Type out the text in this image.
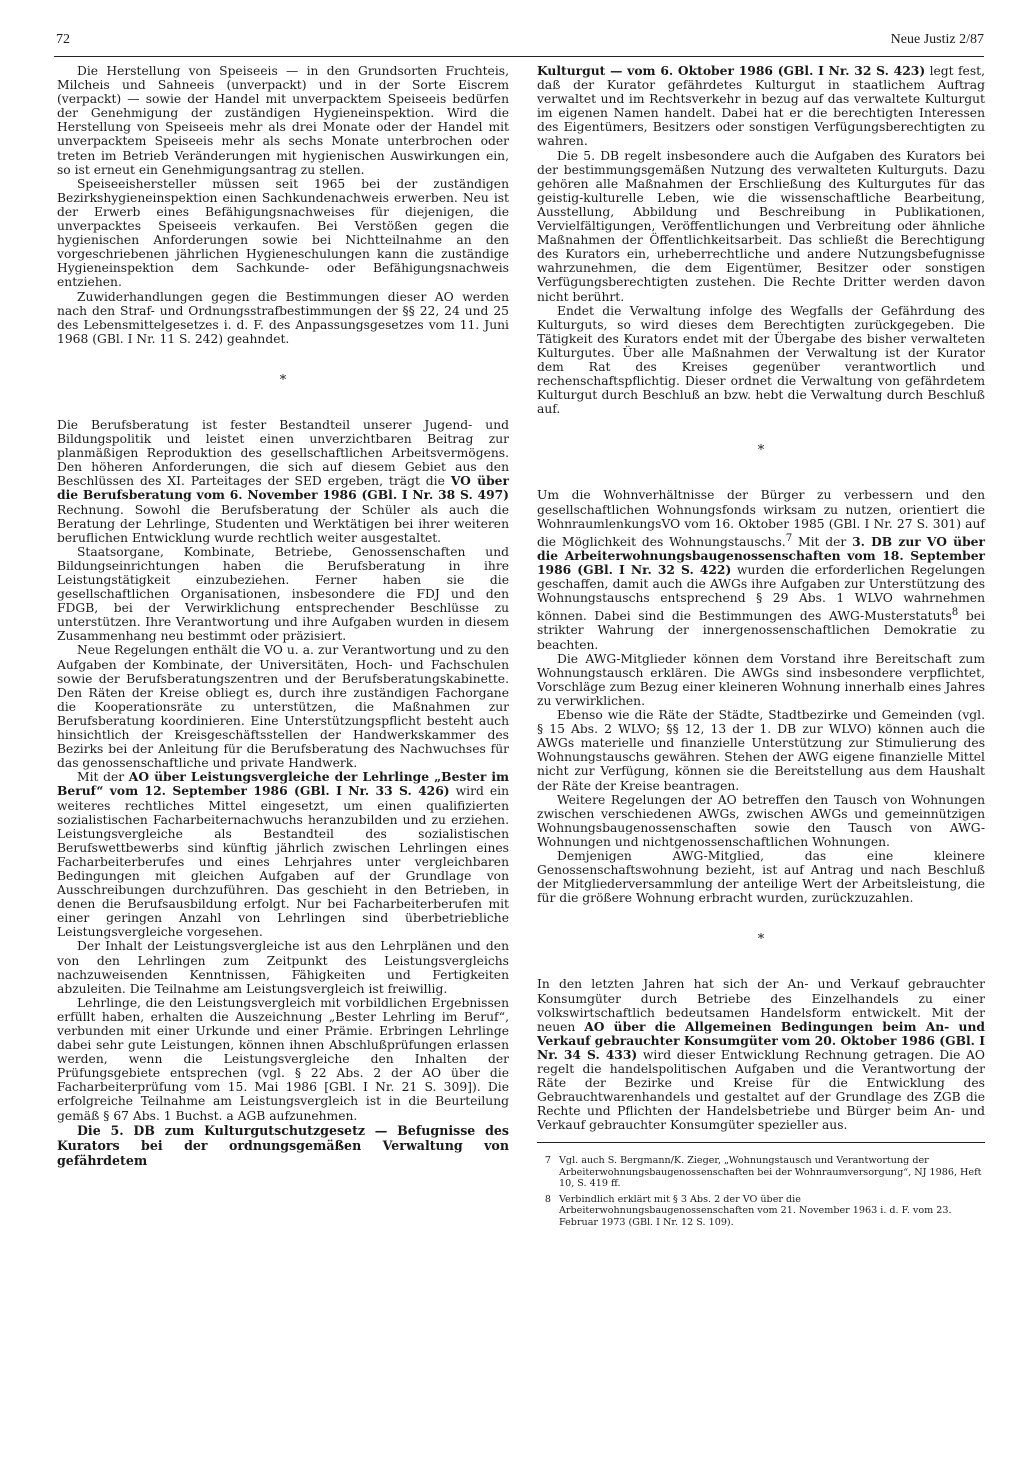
72	Neue Justiz 2/87

Die Herstellung von Speiseeis — in den Grundsorten Fruchteis, Milcheis und Sahneeis (unverpackt) und in der Sorte Eiscrem (verpackt) — sowie der Handel mit unverpacktem Speiseeis bedürfen der Genehmigung der zuständigen Hygieneinspektion. Wird die Herstellung von Speiseeis mehr als drei Monate oder der Handel mit unverpacktem Speiseeis mehr als sechs Monate unterbrochen oder treten im Betrieb Veränderungen mit hygienischen Auswirkungen ein, so ist erneut ein Genehmigungsantrag zu stellen.

Speiseeishersteller müssen seit 1965 bei der zuständigen Bezirkshygieneinspektion einen Sachkundenachweis erwerben. Neu ist der Erwerb eines Befähigungsnachweises für diejenigen, die unverpacktes Speiseeis verkaufen. Bei Verstößen gegen die hygienischen Anforderungen sowie bei Nichtteilnahme an den vorgeschriebenen jährlichen Hygieneschulungen kann die zuständige Hygieneinspektion dem Sachkunde- oder Befähigungsnachweis entziehen.

Zuwiderhandlungen gegen die Bestimmungen dieser AO werden nach den Straf- und Ordnungsstrafbestimmungen der §§ 22, 24 und 25 des Lebensmittelgesetzes i. d. F. des Anpassungsgesetzes vom 11. Juni 1968 (GBl. I Nr. 11 S. 242) geahndet.

*

Die Berufsberatung ist fester Bestandteil unserer Jugend- und Bildungspolitik und leistet einen unverzichtbaren Beitrag zur planmäßigen Reproduktion des gesellschaftlichen Arbeitsvermögens. Den höheren Anforderungen, die sich auf diesem Gebiet aus den Beschlüssen des XI. Parteitages der SED ergeben, trägt die VO über die Berufsberatung vom 6. November 1986 (GBl. I Nr. 38 S. 497) Rechnung. Sowohl die Berufsberatung der Schüler als auch die Beratung der Lehrlinge, Studenten und Werktätigen bei ihrer weiteren beruflichen Entwicklung wurde rechtlich weiter ausgestaltet.

Staatsorgane, Kombinate, Betriebe, Genossenschaften und Bildungseinrichtungen haben die Berufsberatung in ihre Leistungstätigkeit einzubeziehen. Ferner haben sie die gesellschaftlichen Organisationen, insbesondere die FDJ und den FDGB, bei der Verwirklichung entsprechender Beschlüsse zu unterstützen. Ihre Verantwortung und ihre Aufgaben wurden in diesem Zusammenhang neu bestimmt oder präzisiert.

Neue Regelungen enthält die VO u. a. zur Verantwortung und zu den Aufgaben der Kombinate, der Universitäten, Hoch- und Fachschulen sowie der Berufsberatungszentren und der Berufsberatungskabinette. Den Räten der Kreise obliegt es, durch ihre zuständigen Fachorgane die Kooperationsräte zu unterstützen, die Maßnahmen zur Berufsberatung koordinieren. Eine Unterstützungspflicht besteht auch hinsichtlich der Kreisgeschäftsstellen der Handwerkskammer des Bezirks bei der Anleitung für die Berufsberatung des Nachwuchses für das genossenschaftliche und private Handwerk.

Mit der AO über Leistungsvergleiche der Lehrlinge „Bester im Beruf“ vom 12. September 1986 (GBl. I Nr. 33 S. 426) wird ein weiteres rechtliches Mittel eingesetzt, um einen qualifizierten sozialistischen Facharbeiternachwuchs heranzubilden und zu erziehen. Leistungsvergleiche als Bestandteil des sozialistischen Berufswettbewerbs sind künftig jährlich zwischen Lehrlingen eines Facharbeiterberufes und eines Lehrjahres unter vergleichbaren Bedingungen mit gleichen Aufgaben auf der Grundlage von Ausschreibungen durchzuführen. Das geschieht in den Betrieben, in denen die Berufsausbildung erfolgt. Nur bei Facharbeiterberufen mit einer geringen Anzahl von Lehrlingen sind überbetriebliche Leistungsvergleiche vorgesehen.

Der Inhalt der Leistungsvergleiche ist aus den Lehrplänen und den von den Lehrlingen zum Zeitpunkt des Leistungsvergleichs nachzuweisenden Kenntnissen, Fähigkeiten und Fertigkeiten abzuleiten. Die Teilnahme am Leistungsvergleich ist freiwillig.

Lehrlinge, die den Leistungsvergleich mit vorbildlichen Ergebnissen erfüllt haben, erhalten die Auszeichnung „Bester Lehrling im Beruf“, verbunden mit einer Urkunde und einer Prämie. Erbringen Lehrlinge dabei sehr gute Leistungen, können ihnen Abschlußprüfungen erlassen werden, wenn die Leistungsvergleiche den Inhalten der Prüfungsgebiete entsprechen (vgl. § 22 Abs. 2 der AO über die Facharbeiterprüfung vom 15. Mai 1986 [GBl. I Nr. 21 S. 309]). Die erfolgreiche Teilnahme am Leistungsvergleich ist in die Beurteilung gemäß § 67 Abs. 1 Buchst. a AGB aufzunehmen.

Die 5. DB zum Kulturgutschutzgesetz — Befugnisse des Kurators bei der ordnungsgemäßen Verwaltung von gefährdetem

Kulturgut — vom 6. Oktober 1986 (GBl. I Nr. 32 S. 423) legt fest, daß der Kurator gefährdetes Kulturgut in staatlichem Auftrag verwaltet und im Rechtsverkehr in bezug auf das verwaltete Kulturgut im eigenen Namen handelt. Dabei hat er die berechtigten Interessen des Eigentümers, Besitzers oder sonstigen Verfügungsberechtigten zu wahren.

Die 5. DB regelt insbesondere auch die Aufgaben des Kurators bei der bestimmungsgemäßen Nutzung des verwalteten Kulturguts. Dazu gehören alle Maßnahmen der Erschließung des Kulturgutes für das geistig-kulturelle Leben, wie die wissenschaftliche Bearbeitung, Ausstellung, Abbildung und Beschreibung in Publikationen, Vervielfältigungen, Veröffentlichungen und Verbreitung oder ähnliche Maßnahmen der Öffentlichkeitsarbeit. Das schließt die Berechtigung des Kurators ein, urheberrechtliche und andere Nutzungsbefugnisse wahrzunehmen, die dem Eigentümer, Besitzer oder sonstigen Verfügungsberechtigten zustehen. Die Rechte Dritter werden davon nicht berührt.

Endet die Verwaltung infolge des Wegfalls der Gefährdung des Kulturguts, so wird dieses dem Berechtigten zurückgegeben. Die Tätigkeit des Kurators endet mit der Übergabe des bisher verwalteten Kulturgutes. Über alle Maßnahmen der Verwaltung ist der Kurator dem Rat des Kreises gegenüber verantwortlich und rechenschaftspflichtig. Dieser ordnet die Verwaltung von gefährdetem Kulturgut durch Beschluß an bzw. hebt die Verwaltung durch Beschluß auf.

*

Um die Wohnverhältnisse der Bürger zu verbessern und den gesellschaftlichen Wohnungsfonds wirksam zu nutzen, orientiert die WohnraumlenkungsVO vom 16. Oktober 1985 (GBl. I Nr. 27 S. 301) auf die Möglichkeit des Wohnungstauschs.$^7$ Mit der 3. DB zur VO über die Arbeiterwohnungsbaugenossenschaften vom 18. September 1986 (GBl. I Nr. 32 S. 422) wurden die erforderlichen Regelungen geschaffen, damit auch die AWGs ihre Aufgaben zur Unterstützung des Wohnungstauschs entsprechend § 29 Abs. 1 WLVO wahrnehmen können. Dabei sind die Bestimmungen des AWG-Musterstatuts$^8$ bei strikter Wahrung der innergenossenschaftlichen Demokratie zu beachten.

Die AWG-Mitglieder können dem Vorstand ihre Bereitschaft zum Wohnungstausch erklären. Die AWGs sind insbesondere verpflichtet, Vorschläge zum Bezug einer kleineren Wohnung innerhalb eines Jahres zu verwirklichen.

Ebenso wie die Räte der Städte, Stadtbezirke und Gemeinden (vgl. § 15 Abs. 2 WLVO; §§ 12, 13 der 1. DB zur WLVO) können auch die AWGs materielle und finanzielle Unterstützung zur Stimulierung des Wohnungstauschs gewähren. Stehen der AWG eigene finanzielle Mittel nicht zur Verfügung, können sie die Bereitstellung aus dem Haushalt der Räte der Kreise beantragen.

Weitere Regelungen der AO betreffen den Tausch von Wohnungen zwischen verschiedenen AWGs, zwischen AWGs und gemeinnützigen Wohnungsbaugenossenschaften sowie den Tausch von AWG-Wohnungen und nichtgenossenschaftlichen Wohnungen.

Demjenigen AWG-Mitglied, das eine kleinere Genossenschaftswohnung bezieht, ist auf Antrag und nach Beschluß der Mitgliederversammlung der anteilige Wert der Arbeitsleistung, die für die größere Wohnung erbracht wurden, zurückzuzahlen.

*

In den letzten Jahren hat sich der An- und Verkauf gebrauchter Konsumgüter durch Betriebe des Einzelhandels zu einer volkswirtschaftlich bedeutsamen Handelsform entwickelt. Mit der neuen AO über die Allgemeinen Bedingungen beim An- und Verkauf gebrauchter Konsumgüter vom 20. Oktober 1986 (GBl. I Nr. 34 S. 433) wird dieser Entwicklung Rechnung getragen. Die AO regelt die handelspolitischen Aufgaben und die Verantwortung der Räte der Bezirke und Kreise für die Entwicklung des Gebrauchtwarenhandels und gestaltet auf der Grundlage des ZGB die Rechte und Pflichten der Handelsbetriebe und Bürger beim An- und Verkauf gebrauchter Konsumgüter spezieller aus.

7 Vgl. auch S. Bergmann/K. Zieger, „Wohnungstausch und Verantwortung der Arbeiterwohnungsbaugenossenschaften bei der Wohnraumversorgung“, NJ 1986, Heft 10, S. 419 ff.
8 Verbindlich erklärt mit § 3 Abs. 2 der VO über die Arbeiterwohnungsbaugenossenschaften vom 21. November 1963 i. d. F. vom 23. Februar 1973 (GBl. I Nr. 12 S. 109).
